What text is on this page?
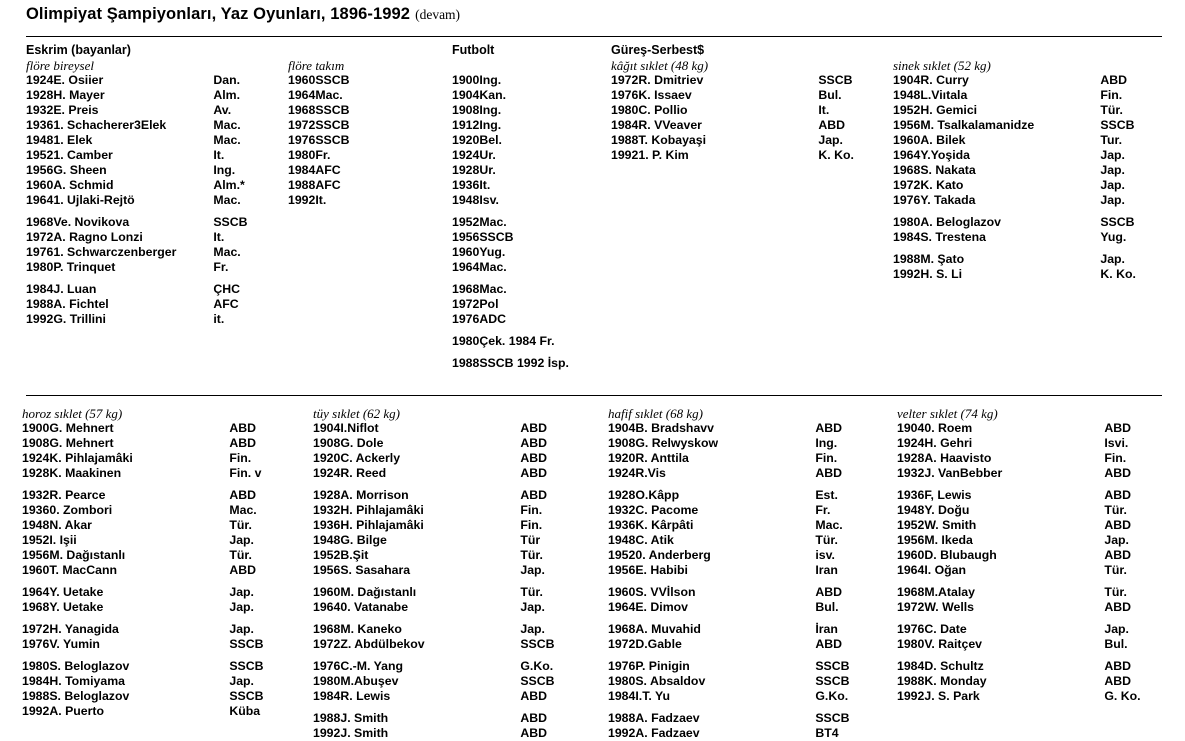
Olimpiyat Şampiyonları, Yaz Oyunları, 1896-1992 (devam)
Eskrim (bayanlar)
flöre bireysel
1924	E. Osiier	Dan.
1928	H. Mayer	Alm.
1932	E. Preis	Av.
1936	1. Schacherer3Elek	Mac.
1948	1. Elek	Mac.
1952	1. Camber	It.
1956	G. Sheen	Ing.
1960	A. Schmid	Alm.*
1964	1. Ujlaki-Rejtö	Mac.

1968	Ve. Novikova	SSCB
1972	A. Ragno Lonzi	It.
1976	1. Schwarczenberger	Mac.
1980	P. Trinquet	Fr.

1984	J. Luan	ÇHC
1988	A. Fichtel	AFC
1992	G. Trillini	it.
flöre takım
1960	SSCB	
1964	Mac.	
1968	SSCB	
1972	SSCB	
1976	SSCB	
1980	Fr.	
1984	AFC	
1988	AFC	
1992	It.	
Futbolt

1900	Ing.	
1904	Kan.	
1908	Ing.	
1912	Ing.	
1920	Bel.	
1924	Ur.	
1928	Ur.	
1936	It.	
1948	Isv.	

1952	Mac.	
1956	SSCB	
1960	Yug.	
1964	Mac.	

1968	Mac.	
1972	Pol	
1976	ADC	

1980	Çek. 1984 Fr.	

1988	SSCB 1992 İsp.	
Güreş-Serbest$
kâğıt sıklet (48 kg)
1972	R. Dmitriev	SSCB
1976	K. Issaev	Bul.
1980	C. Pollio	It.
1984	R. VVeaver	ABD
1988	T. Kobayaşi	Jap.
1992	1. P. Kim	K. Ko.
sinek sıklet (52 kg)
1904	R. Curry	ABD
1948	L.Viıtala	Fin.
1952	H. Gemici	Tür.
1956	M. Tsalkalamanidze	SSCB
1960	A. Bilek	Tur.
1964	Y.Yoşida	Jap.
1968	S. Nakata	Jap.
1972	K. Kato	Jap.
1976	Y. Takada	Jap.

1980	A. Beloglazov	SSCB
1984	S. Trestena	Yug.

1988	M. Şato	Jap.
1992	H. S. Li	K. Ko.
horoz sıklet (57 kg)
1900	G. Mehnert	ABD
1908	G. Mehnert	ABD
1924	K. Pihlajamâki	Fin.
1928	K. Maakinen	Fin. v

1932	R. Pearce	ABD
1936	0. Zombori	Mac.
1948	N. Akar	Tür.
1952	I. Işii	Jap.
1956	M. Dağıstanlı	Tür.
1960	T. MacCann	ABD

1964	Y. Uetake	Jap.
1968	Y. Uetake	Jap.

1972	H. Yanagida	Jap.
1976	V. Yumin	SSCB

1980	S. Beloglazov	SSCB
1984	H. Tomiyama	Jap.
1988	S. Beloglazov	SSCB
1992	A. Puerto	Küba
tüy sıklet (62 kg)
1904	I.Niflot	ABD
1908	G. Dole	ABD
1920	C. Ackerly	ABD
1924	R. Reed	ABD

1928	A. Morrison	ABD
1932	H. Pihlajamâki	Fin.
1936	H. Pihlajamâki	Fin.
1948	G. Bilge	Tür
1952	B.Şit	Tür.
1956	S. Sasahara	Jap.

1960	M. Dağıstanlı	Tür.
1964	0. Vatanabe	Jap.

1968	M. Kaneko	Jap.
1972	Z. Abdülbekov	SSCB

1976	C.-M. Yang	G.Ko.
1980	M.Abuşev	SSCB
1984	R. Lewis	ABD

1988	J. Smith	ABD
1992	J. Smith	ABD
hafif sıklet (68 kg)
1904	B. Bradshavv	ABD
1908	G. Relwyskow	Ing.
1920	R. Anttila	Fin.
1924	R.Vis	ABD

1928	O.Kâpp	Est.
1932	C. Pacome	Fr.
1936	K. Kârpâti	Mac.
1948	C. Atik	Tür.
1952	0. Anderberg	isv.
1956	E. Habibi	Iran

1960	S. VVİlson	ABD
1964	E. Dimov	Bul.

1968	A. Muvahid	İran
1972	D.Gable	ABD

1976	P. Pinigin	SSCB
1980	S. Absaldov	SSCB
1984	I.T. Yu	G.Ko.

1988	A. Fadzaev	SSCB
1992	A. Fadzaev	BT4
velter sıklet (74 kg)
1904	0. Roem	ABD
1924	H. Gehri	Isvi.
1928	A. Haavisto	Fin.
1932	J. VanBebber	ABD

1936	F, Lewis	ABD
1948	Y. Doğu	Tür.
1952	W. Smith	ABD
1956	M. Ikeda	Jap.
1960	D. Blubaugh	ABD
1964	I. Oğan	Tür.

1968	M.Atalay	Tür.
1972	W. Wells	ABD

1976	C. Date	Jap.
1980	V. Raitçev	Bul.

1984	D. Schultz	ABD
1988	K. Monday	ABD
1992	J. S. Park	G. Ko.
